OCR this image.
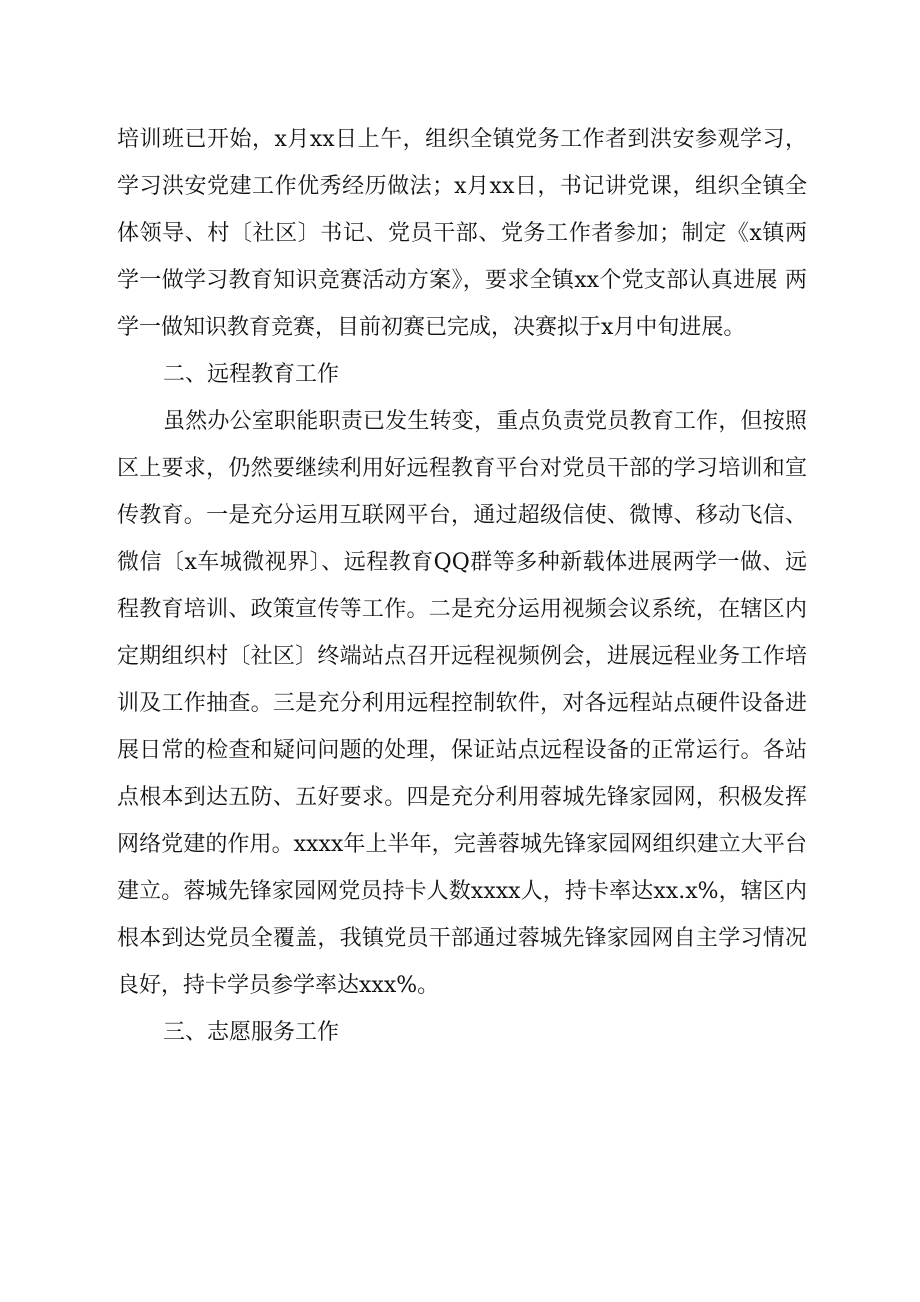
培训班已开始，x月xx日上午，组织全镇党务工作者到洪安参观学习，学习洪安党建工作优秀经历做法；x月xx日，书记讲党课，组织全镇全体领导、村〔社区〕书记、党员干部、党务工作者参加；制定《x镇两学一做学习教育知识竞赛活动方案》，要求全镇xx个党支部认真进展 两学一做知识教育竞赛，目前初赛已完成，决赛拟于x月中旬进展。

二、远程教育工作

虽然办公室职能职责已发生转变，重点负责党员教育工作，但按照区上要求，仍然要继续利用好远程教育平台对党员干部的学习培训和宣传教育。一是充分运用互联网平台，通过超级信使、微博、移动飞信、微信〔x车城微视界〕、远程教育QQ群等多种新载体进展两学一做、远程教育培训、政策宣传等工作。二是充分运用视频会议系统，在辖区内定期组织村〔社区〕终端站点召开远程视频例会，进展远程业务工作培训及工作抽查。三是充分利用远程控制软件，对各远程站点硬件设备进展日常的检查和疑问问题的处理，保证站点远程设备的正常运行。各站点根本到达五防、五好要求。四是充分利用蓉城先锋家园网，积极发挥网络党建的作用。xxxx年上半年，完善蓉城先锋家园网组织建立大平台建立。蓉城先锋家园网党员持卡人数xxxx人，持卡率达xx.x%，辖区内根本到达党员全覆盖，我镇党员干部通过蓉城先锋家园网自主学习情况良好，持卡学员参学率达xxx%。

三、志愿服务工作
